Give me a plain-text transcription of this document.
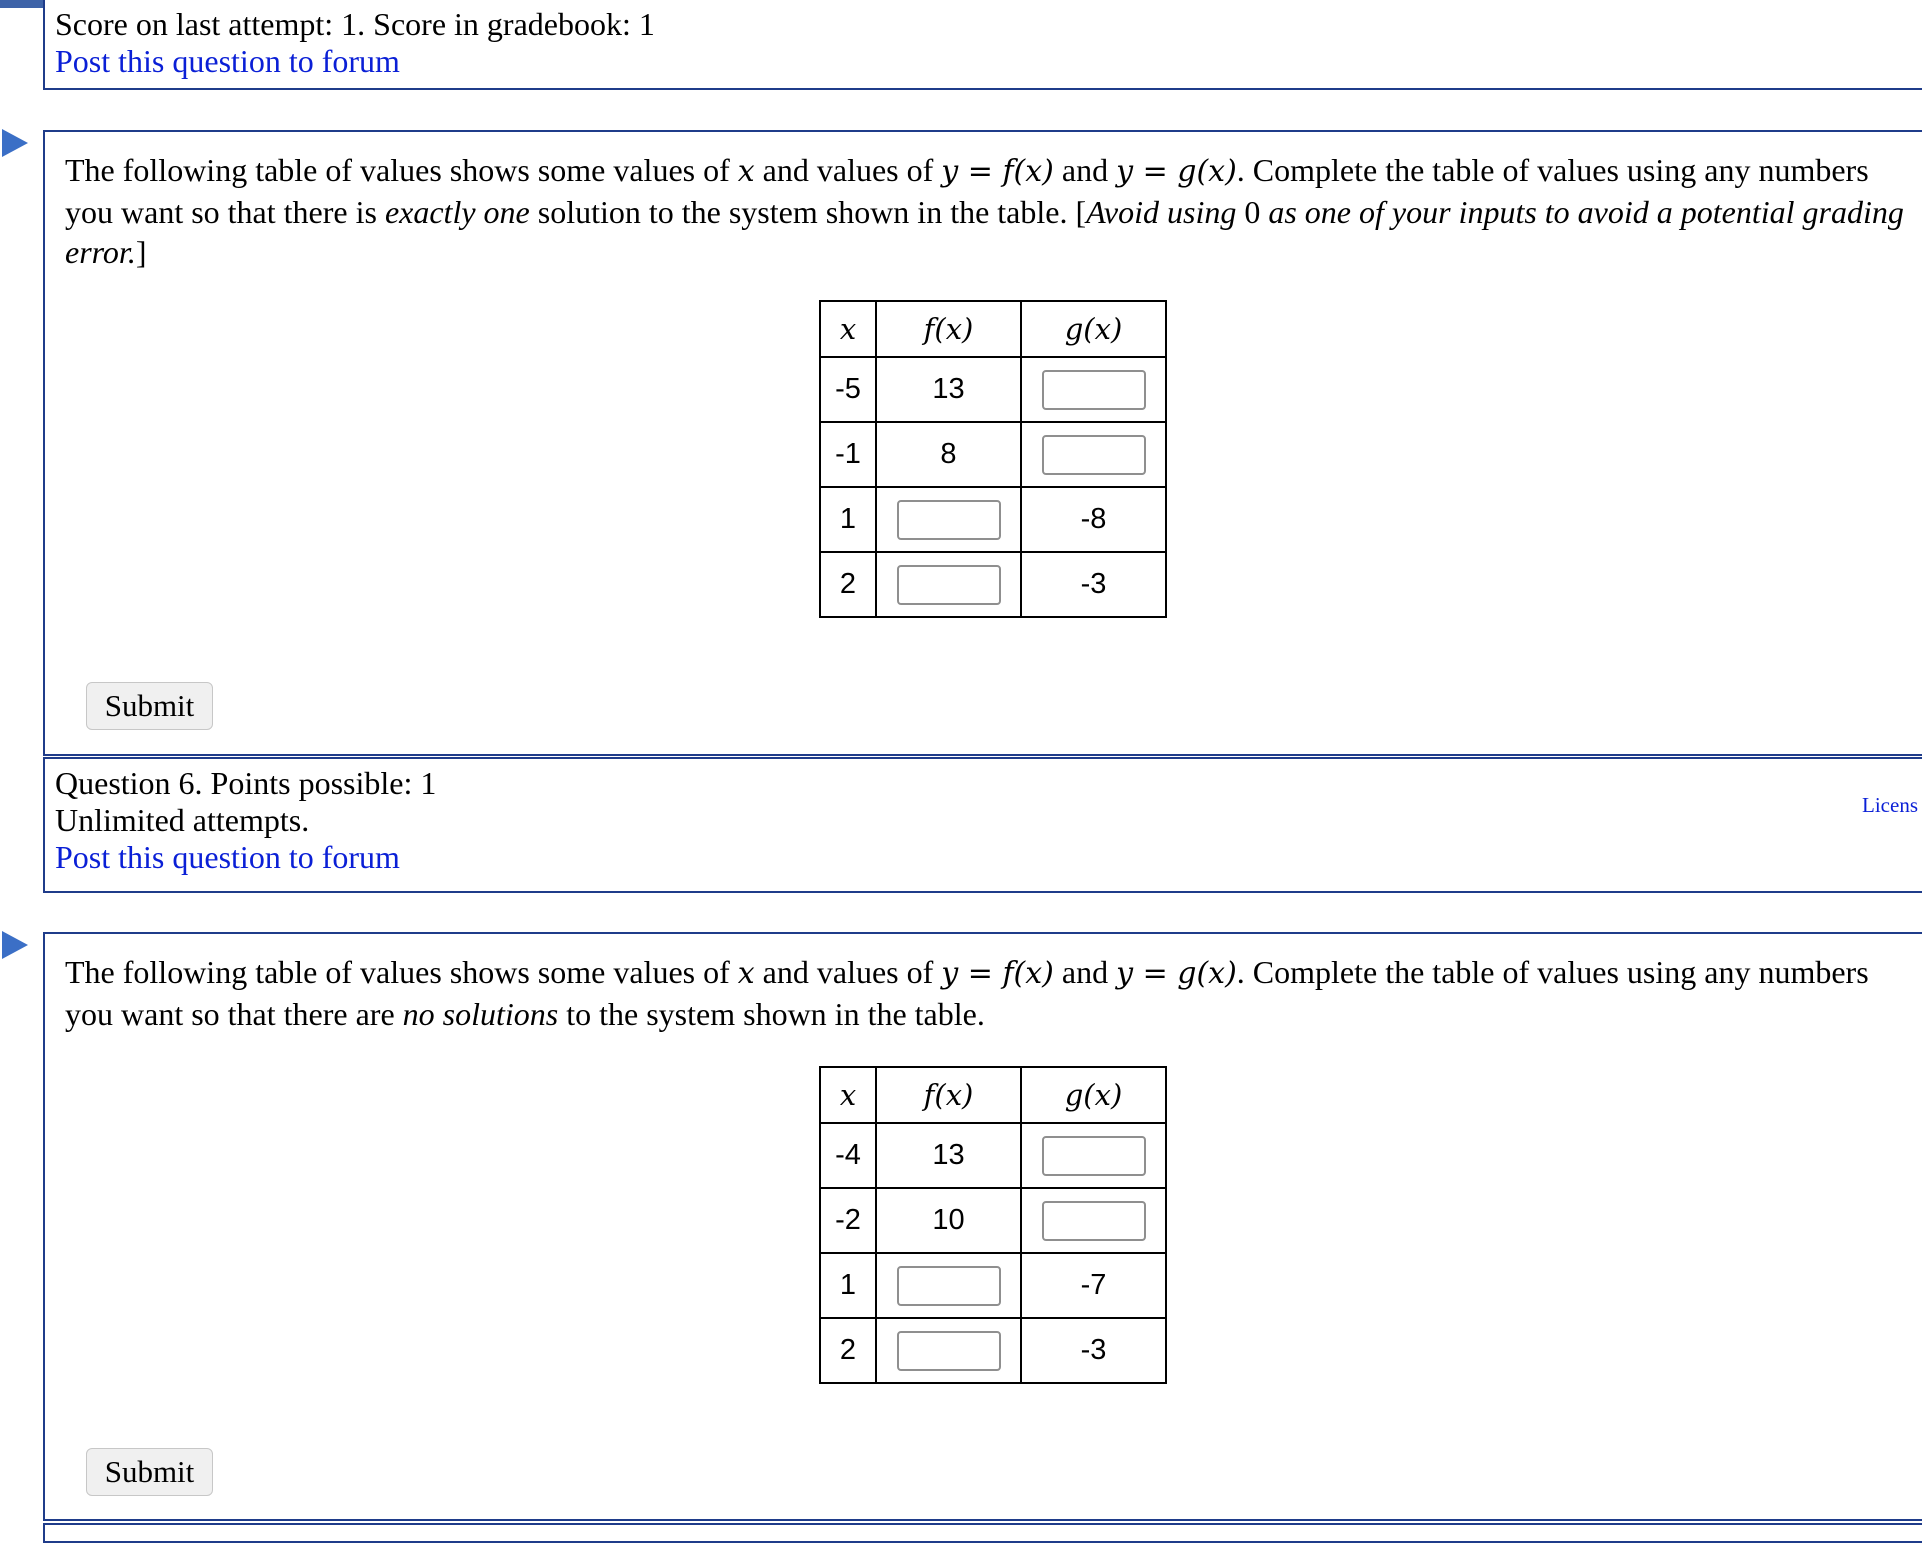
Score on last attempt: 1. Score in gradebook: 1
Post this question to forum
The following table of values shows some values of x and values of y = f(x) and y = g(x). Complete the table of values using any numbers you want so that there is exactly one solution to the system shown in the table. [Avoid using 0 as one of your inputs to avoid a potential grading error.]
x	f(x)	g(x)
-5	13	
-1	8	
1		-8
2		-3
Submit
Question 6. Points possible: 1
Unlimited attempts.
Post this question to forum
Licens
The following table of values shows some values of x and values of y = f(x) and y = g(x). Complete the table of values using any numbers you want so that there are no solutions to the system shown in the table.
x	f(x)	g(x)
-4	13	
-2	10	
1		-7
2		-3
Submit
